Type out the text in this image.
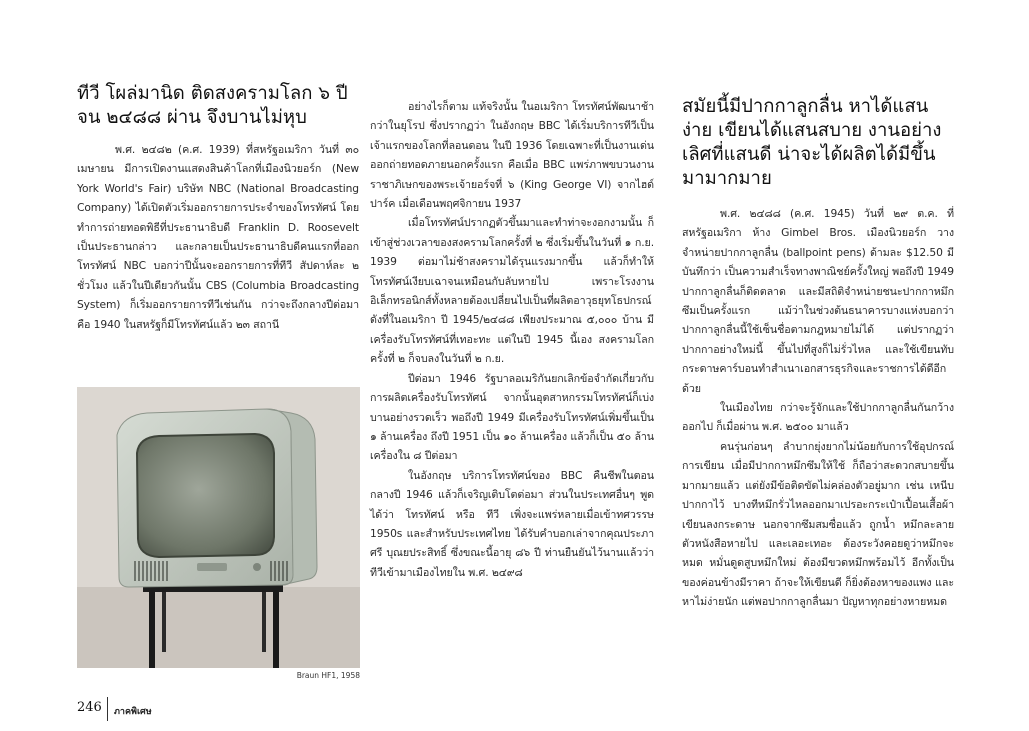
ทีวี โผล่มานิด ติดสงครามโลก ๖ ปี จน ๒๔๘๘ ผ่าน จึงบานไม่หุบ

พ.ศ. ๒๔๘๒ (ค.ศ. 1939) ที่สหรัฐอเมริกา วันที่ ๓๐ เมษายน มีการเปิดงานแสดงสินค้าโลกที่เมืองนิวยอร์ก (New York World's Fair) บริษัท NBC (National Broadcasting Company) ได้เปิดตัวเริ่มออกรายการประจำของโทรทัศน์ โดยทำการถ่ายทอดพิธีที่ประธานาธิบดี Franklin D. Roosevelt เป็นประธานกล่าว และกลายเป็นประธานาธิบดีคนแรกที่ออกโทรทัศน์ NBC บอกว่าปีนั้นจะออกรายการที่ทีวี สัปดาห์ละ ๒ ชั่วโมง แล้วในปีเดียวกันนั้น CBS (Columbia Broadcasting System) ก็เริ่มออกรายการทีวีเช่นกัน กว่าจะถึงกลางปีต่อมา คือ 1940 ในสหรัฐก็มีโทรทัศน์แล้ว ๒๓ สถานี

Braun HF1, 1958

อย่างไรก็ตาม แท้จริงนั้น ในอเมริกา โทรทัศน์พัฒนาช้ากว่าในยุโรป ซึ่งปรากฏว่า ในอังกฤษ BBC ได้เริ่มบริการทีวีเป็นเจ้าแรกของโลกที่ลอนดอน ในปี 1936 โดยเฉพาะที่เป็นงานเด่นออกถ่ายทอดภายนอกครั้งแรก คือเมื่อ BBC แพร่ภาพขบวนงานราชาภิเษกของพระเจ้ายอร์จที่ ๖ (King George VI) จากไฮด์ปาร์ค เมื่อเดือนพฤศจิกายน 1937

เมื่อโทรทัศน์ปรากฏตัวขึ้นมาและทำท่าจะงอกงามนั้น ก็เข้าสู่ช่วงเวลาของสงครามโลกครั้งที่ ๒ ซึ่งเริ่มขึ้นในวันที่ ๑ ก.ย. 1939 ต่อมาไม่ช้าสงครามได้รุนแรงมากขึ้น แล้วก็ทำให้โทรทัศน์เงียบเฉาจนเหมือนกับลับหายไป เพราะโรงงานอิเล็กทรอนิกส์ทั้งหลายต้องเปลี่ยนไปเป็นที่ผลิตอาวุธยุทโธปกรณ์ ดังที่ในอเมริกา ปี 1945/๒๔๘๘ เพียงประมาณ ๕,๐๐๐ บ้าน มีเครื่องรับโทรทัศน์ที่เทอะทะ แต่ในปี 1945 นี้เอง สงครามโลกครั้งที่ ๒ ก็จบลงในวันที่ ๒ ก.ย.

ปีต่อมา 1946 รัฐบาลอเมริกันยกเลิกข้อจำกัดเกี่ยวกับการผลิตเครื่องรับโทรทัศน์ จากนั้นอุตสาหกรรมโทรทัศน์ก็เบ่งบานอย่างรวดเร็ว พอถึงปี 1949 มีเครื่องรับโทรทัศน์เพิ่มขึ้นเป็น ๑ ล้านเครื่อง ถึงปี 1951 เป็น ๑๐ ล้านเครื่อง แล้วก็เป็น ๕๐ ล้านเครื่องใน ๘ ปีต่อมา

ในอังกฤษ บริการโทรทัศน์ของ BBC คืนชีพในตอนกลางปี 1946 แล้วก็เจริญเติบโตต่อมา ส่วนในประเทศอื่นๆ พูดได้ว่า โทรทัศน์ หรือ ทีวี เพิ่งจะแพร่หลายเมื่อเข้าทศวรรษ 1950s และสำหรับประเทศไทย ได้รับคำบอกเล่าจากคุณประภาศรี บุณยประสิทธิ์ ซึ่งขณะนี้อายุ ๘๖ ปี ท่านยืนยันไว้นานแล้วว่า ทีวีเข้ามาเมืองไทยใน พ.ศ. ๒๔๙๘

สมัยนี้มีปากกาลูกลื่น หาได้แสนง่าย เขียนได้แสนสบาย งานอย่างเลิศที่แสนดี น่าจะได้ผลิตได้มีขึ้นมามากมาย

พ.ศ. ๒๔๘๘ (ค.ศ. 1945) วันที่ ๒๙ ต.ค. ที่สหรัฐอเมริกา ห้าง Gimbel Bros. เมืองนิวยอร์ก วางจำหน่ายปากกาลูกลื่น (ballpoint pens) ด้ามละ $12.50 มีบันทึกว่า เป็นความสำเร็จทางพาณิชย์ครั้งใหญ่ พอถึงปี 1949 ปากกาลูกลื่นก็ติดตลาด และมีสถิติจำหน่ายชนะปากกาหมึกซึมเป็นครั้งแรก แม้ว่าในช่วงต้นธนาคารบางแห่งบอกว่าปากกาลูกลื่นนี้ใช้เซ็นชื่อตามกฎหมายไม่ได้ แต่ปรากฏว่า ปากกาอย่างใหม่นี้ ขึ้นไปที่สูงก็ไม่รั่วไหล และใช้เขียนทับกระดาษคาร์บอนทำสำเนาเอกสารธุรกิจและราชการได้ดีอีกด้วย

ในเมืองไทย กว่าจะรู้จักและใช้ปากกาลูกลื่นกันกว้างออกไป ก็เมื่อผ่าน พ.ศ. ๒๕๐๐ มาแล้ว

คนรุ่นก่อนๆ ลำบากยุ่งยากไม่น้อยกับการใช้อุปกรณ์การเขียน เมื่อมีปากกาหมึกซึมให้ใช้ ก็ถือว่าสะดวกสบายขึ้นมากมายแล้ว แต่ยังมีข้อติดขัดไม่คล่องตัวอยู่มาก เช่น เหนีบปากกาไว้ บางทีหมึกรั่วไหลออกมาเปรอะกระเป๋าเปื้อนเสื้อผ้า เขียนลงกระดาษ นอกจากซึมสมซื่อแล้ว ถูกน้ำ หมึกละลาย ตัวหนังสือหายไป และเลอะเทอะ ต้องระวังคอยดูว่าหมึกจะหมด หมั่นดูดสูบหมึกใหม่ ต้องมีขวดหมึกพร้อมไว้ อีกทั้งเป็นของค่อนข้างมีราคา ถ้าจะให้เขียนดี ก็ยิ่งต้องหาของแพง และหาไม่ง่ายนัก แต่พอปากกาลูกลื่นมา ปัญหาทุกอย่างหายหมด

246 ภาคพิเศษ
